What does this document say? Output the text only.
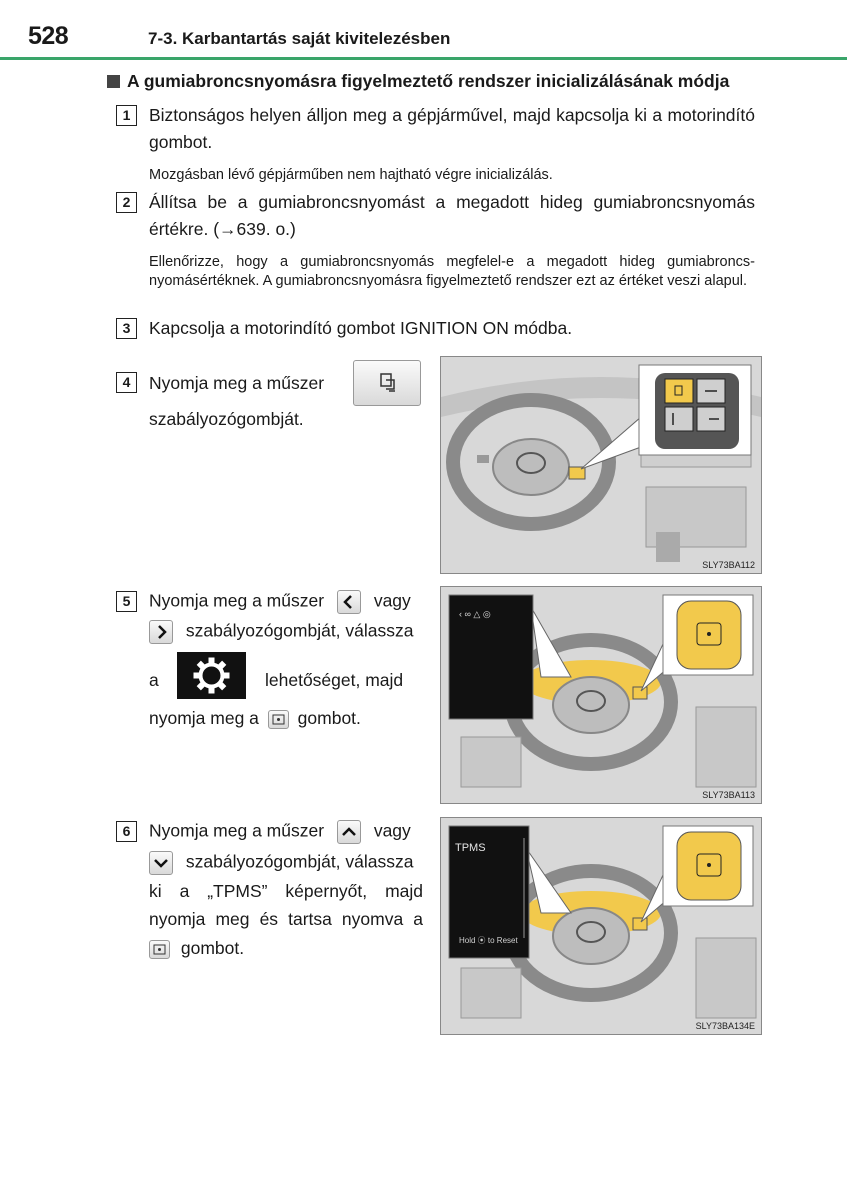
528	7-3. Karbantartás saját kivitelezésben
A gumiabroncsnyomásra figyelmeztető rendszer inicializálásának módja
1	Biztonságos helyen álljon meg a gépjárművel, majd kapcsolja ki a motorindító gombot.
Mozgásban lévő gépjárműben nem hajtható végre inicializálás.
2	Állítsa be a gumiabroncsnyomást a megadott hideg gumiabroncsnyomás értékre. (→639. o.)
Ellenőrizze, hogy a gumiabroncsnyomás megfelel-e a megadott hideg gumiabroncs-nyomásértéknek. A gumiabroncsnyomásra figyelmeztető rendszer ezt az értéket veszi alapul.
3	Kapcsolja a motorindító gombot IGNITION ON módba.
4	Nyomja meg a műszer
szabályozógombját.
SLY73BA112
5	Nyomja meg a műszer	vagy
szabályozógombját, válassza
a	lehetőséget, majd
nyomja meg a gombot.
‹ ∞ △ ◎
SLY73BA113
6	Nyomja meg a műszer	vagy
szabályozógombját, válassza
ki a „TPMS” képernyőt, majd
nyomja meg és tartsa nyomva a
gombot.
TPMS
Hold ⦿ to Reset
SLY73BA134E
